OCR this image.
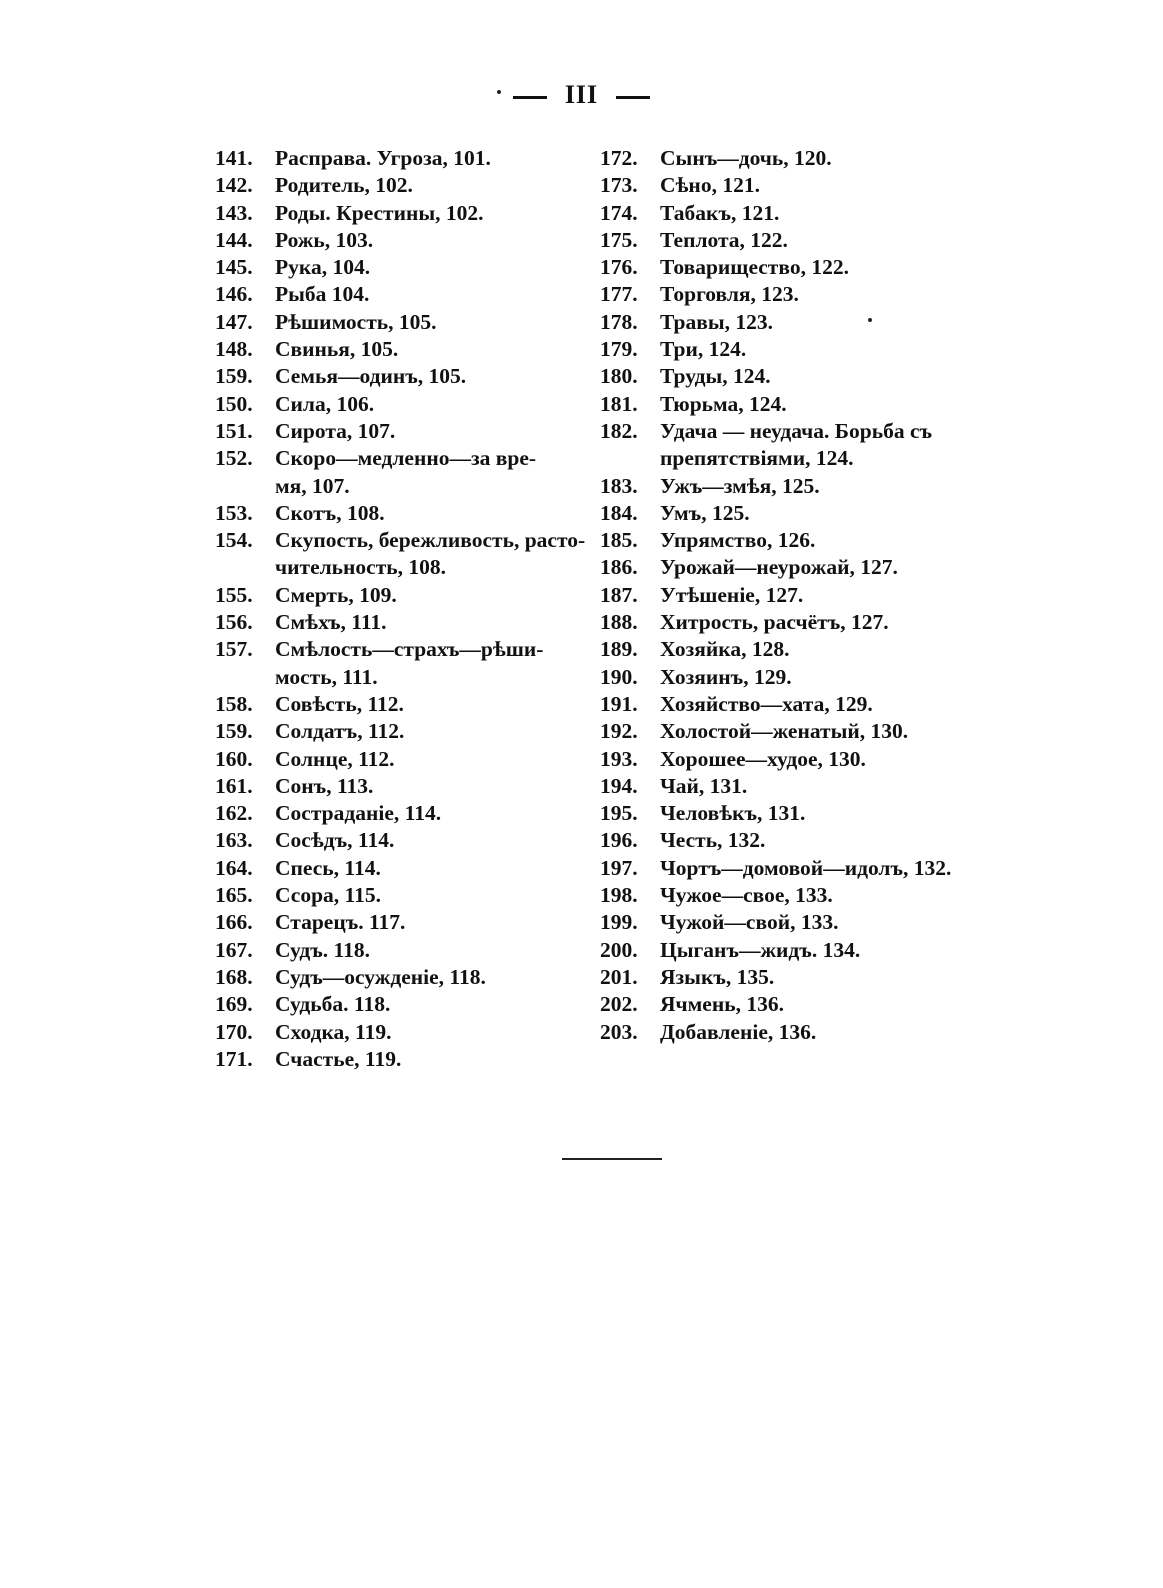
III
141.	Расправа. Угроза, 101.
142.	Родитель, 102.
143.	Роды. Крестины, 102.
144.	Рожь, 103.
145.	Рука, 104.
146.	Рыба 104.
147.	Рѣшимость, 105.
148.	Свинья, 105.
159.	Семья—одинъ, 105.
150.	Сила, 106.
151.	Сирота, 107.
152.	Скоро—медленно—за вре-
мя, 107.
153.	Скотъ, 108.
154.	Скупость, бережливость, расто-
чительность, 108.
155.	Смерть, 109.
156.	Смѣхъ, 111.
157.	Смѣлость—страхъ—рѣши-
мость, 111.
158.	Совѣсть, 112.
159.	Солдатъ, 112.
160.	Солнце, 112.
161.	Сонъ, 113.
162.	Состраданіе, 114.
163.	Сосѣдъ, 114.
164.	Спесь, 114.
165.	Ссора, 115.
166.	Старецъ. 117.
167.	Судъ. 118.
168.	Судъ—осужденіе, 118.
169.	Судьба. 118.
170.	Сходка, 119.
171.	Счастье, 119.
172.	Сынъ—дочь, 120.
173.	Сѣно, 121.
174.	Табакъ, 121.
175.	Теплота, 122.
176.	Товарищество, 122.
177.	Торговля, 123.
178.	Травы, 123.
179.	Три, 124.
180.	Труды, 124.
181.	Тюрьма, 124.
182.	Удача — неудача. Борьба съ
препятствіями, 124.
183.	Ужъ—змѣя, 125.
184.	Умъ, 125.
185.	Упрямство, 126.
186.	Урожай—неурожай, 127.
187.	Утѣшеніе, 127.
188.	Хитрость, расчётъ, 127.
189.	Хозяйка, 128.
190.	Хозяинъ, 129.
191.	Хозяйство—хата, 129.
192.	Холостой—женатый, 130.
193.	Хорошее—худое, 130.
194.	Чай, 131.
195.	Человѣкъ, 131.
196.	Честь, 132.
197.	Чортъ—домовой—идолъ, 132.
198.	Чужое—свое, 133.
199.	Чужой—свой, 133.
200.	Цыганъ—жидъ. 134.
201.	Языкъ, 135.
202.	Ячмень, 136.
203.	Добавленіе, 136.
